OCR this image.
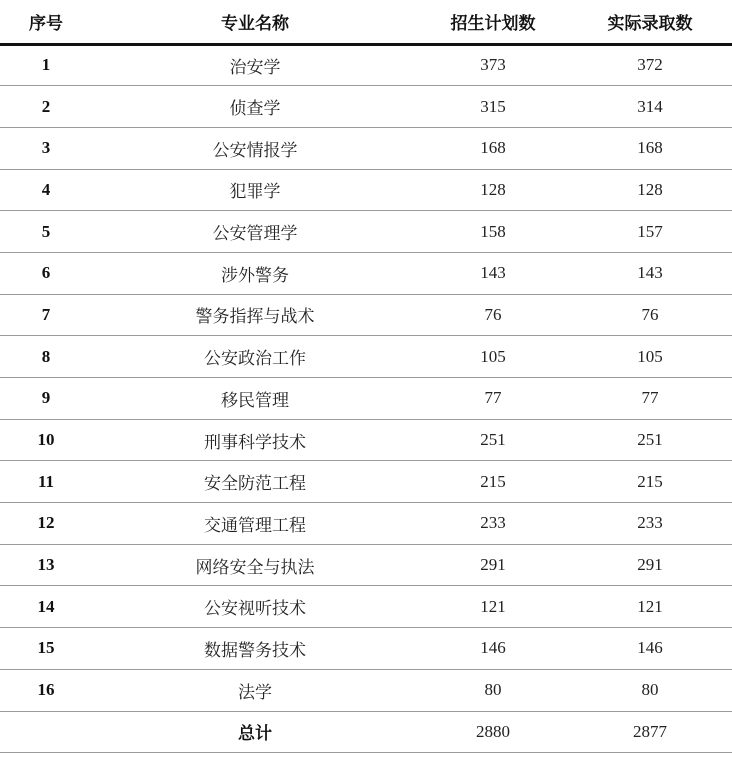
序号	专业名称	招生计划数	实际录取数
1	治安学	373	372
2	侦查学	315	314
3	公安情报学	168	168
4	犯罪学	128	128
5	公安管理学	158	157
6	涉外警务	143	143
7	警务指挥与战术	76	76
8	公安政治工作	105	105
9	移民管理	77	77
10	刑事科学技术	251	251
11	安全防范工程	215	215
12	交通管理工程	233	233
13	网络安全与执法	291	291
14	公安视听技术	121	121
15	数据警务技术	146	146
16	法学	80	80
	总计	2880	2877
